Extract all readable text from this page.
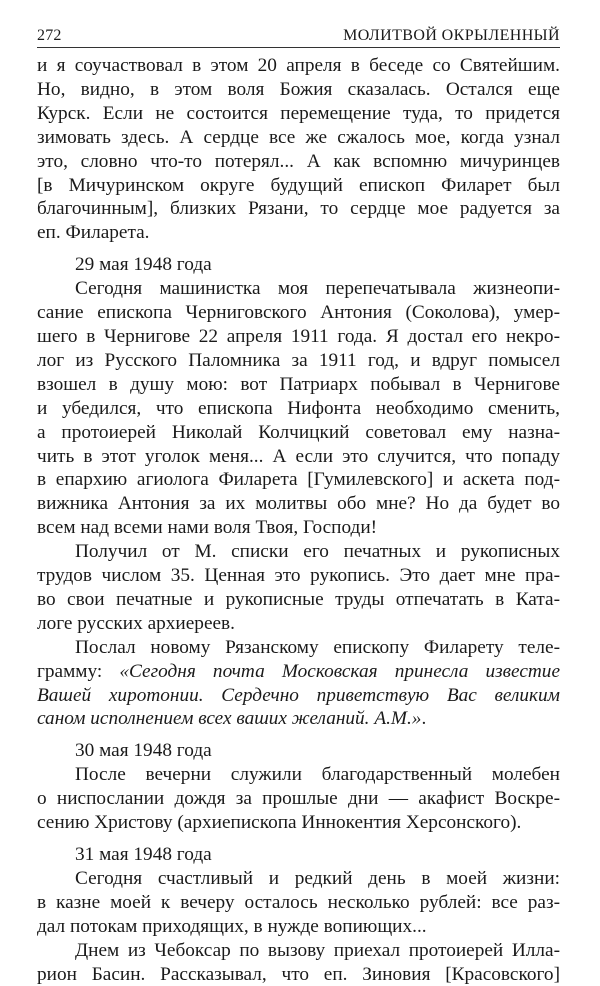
272	МОЛИТВОЙ ОКРЫЛЕННЫЙ
и я соучаствовал в этом 20 апреля в беседе со Святейшим.
Но, видно, в этом воля Божия сказалась. Остался еще
Курск. Если не состоится перемещение туда, то придется
зимовать здесь. А сердце все же сжалось мое, когда узнал
это, словно что-то потерял... А как вспомню мичуринцев
[в Мичуринском округе будущий епископ Филарет был
благочинным], близких Рязани, то сердце мое радуется за
еп. Филарета.
29 мая 1948 года
Сегодня машинистка моя перепечатывала жизнеопи-
сание епископа Черниговского Антония (Соколова), умер-
шего в Чернигове 22 апреля 1911 года. Я достал его некро-
лог из Русского Паломника за 1911 год, и вдруг помысел
взошел в душу мою: вот Патриарх побывал в Чернигове
и убедился, что епископа Нифонта необходимо сменить,
а протоиерей Николай Колчицкий советовал ему назна-
чить в этот уголок меня... А если это случится, что попаду
в епархию агиолога Филарета [Гумилевского] и аскета под-
вижника Антония за их молитвы обо мне? Но да будет во
всем над всеми нами воля Твоя, Господи!
Получил от М. списки его печатных и рукописных
трудов числом 35. Ценная это рукопись. Это дает мне пра-
во свои печатные и рукописные труды отпечатать в Ката-
логе русских архиереев.
Послал новому Рязанскому епископу Филарету теле-
грамму: «Сегодня почта Московская принесла известие
Вашей хиротонии. Сердечно приветствую Вас великим
саном исполнением всех ваших желаний. А.М.».
30 мая 1948 года
После вечерни служили благодарственный молебен
о ниспослании дождя за прошлые дни — акафист Воскре-
сению Христову (архиепископа Иннокентия Херсонского).
31 мая 1948 года
Сегодня счастливый и редкий день в моей жизни:
в казне моей к вечеру осталось несколько рублей: все раз-
дал потокам приходящих, в нужде вопиющих...
Днем из Чебоксар по вызову приехал протоиерей Илла-
рион Басин. Рассказывал, что еп. Зиновия [Красовского]
